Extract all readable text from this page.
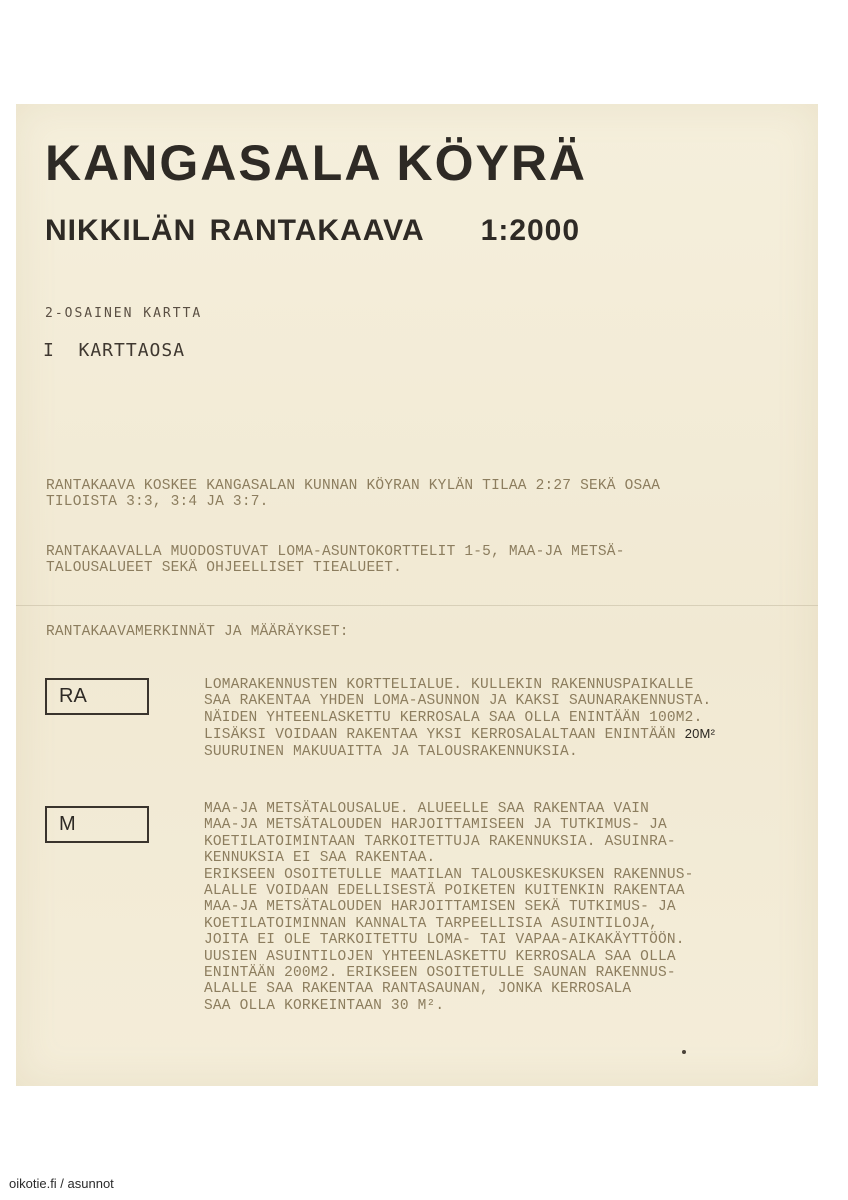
KANGASALA KÖYRÄ
NIKKILÄN RANTAKAAVA 1:2000
2-OSAINEN KARTTA
I  KARTTAOSA
RANTAKAAVA KOSKEE KANGASALAN KUNNAN KÖYRAN KYLÄN TILAA 2:27 SEKÄ OSAA
TILOISTA 3:3, 3:4 JA 3:7.
RANTAKAAVALLA MUODOSTUVAT LOMA-ASUNTOKORTTELIT 1-5, MAA-JA METSÄ-
TALOUSALUEET SEKÄ OHJEELLISET TIEALUEET.
RANTAKAAVAMERKINNÄT JA MÄÄRÄYKSET:
RA	LOMARAKENNUSTEN KORTTELIALUE. KULLEKIN RAKENNUSPAIKALLE
SAA RAKENTAA YHDEN LOMA-ASUNNON JA KAKSI SAUNARAKENNUSTA.
NÄIDEN YHTEENLASKETTU KERROSALA SAA OLLA ENINTÄÄN 100M2.
LISÄKSI VOIDAAN RAKENTAA YKSI KERROSALALTAAN ENINTÄÄN 20M²
SUURUINEN MAKUUAITTA JA TALOUSRAKENNUKSIA.
M
MAA-JA METSÄTALOUSALUE. ALUEELLE SAA RAKENTAA VAIN
MAA-JA METSÄTALOUDEN HARJOITTAMISEEN JA TUTKIMUS- JA
KOETILATOIMINTAAN TARKOITETTUJA RAKENNUKSIA. ASUINRA-
KENNUKSIA EI SAA RAKENTAA.
ERIKSEEN OSOITETULLE MAATILAN TALOUSKESKUKSEN RAKENNUS-
ALALLE VOIDAAN EDELLISESTÄ POIKETEN KUITENKIN RAKENTAA
MAA-JA METSÄTALOUDEN HARJOITTAMISEN SEKÄ TUTKIMUS- JA
KOETILATOIMINNAN KANNALTA TARPEELLISIA ASUINTILOJA,
JOITA EI OLE TARKOITETTU LOMA- TAI VAPAA-AIKAKÄYTTÖÖN.
UUSIEN ASUINTILOJEN YHTEENLASKETTU KERROSALA SAA OLLA
ENINTÄÄN 200M2. ERIKSEEN OSOITETULLE SAUNAN RAKENNUS-
ALALLE SAA RAKENTAA RANTASAUNAN, JONKA KERROSALA
SAA OLLA KORKEINTAAN 30 M².
oikotie.fi / asunnot
